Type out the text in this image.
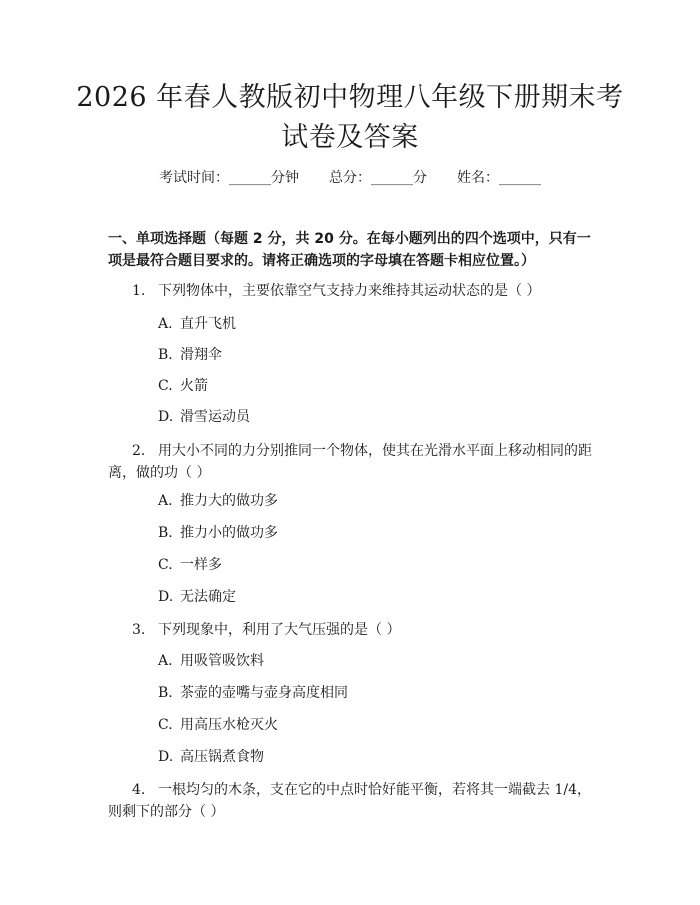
2026 年春人教版初中物理八年级下册期末考
试卷及答案
考试时间：______分钟 总分：______分 姓名：______
一、单项选择题（每题 2 分，共 20 分。在每小题列出的四个选项中，只有一项是最符合题目要求的。请将正确选项的字母填在答题卡相应位置。）
1. 下列物体中，主要依靠空气支持力来维持其运动状态的是（ ）
A. 直升飞机
B. 滑翔伞
C. 火箭
D. 滑雪运动员
2. 用大小不同的力分别推同一个物体，使其在光滑水平面上移动相同的距离，做的功（ ）
A. 推力大的做功多
B. 推力小的做功多
C. 一样多
D. 无法确定
3. 下列现象中，利用了大气压强的是（ ）
A. 用吸管吸饮料
B. 茶壶的壶嘴与壶身高度相同
C. 用高压水枪灭火
D. 高压锅煮食物
4. 一根均匀的木条，支在它的中点时恰好能平衡，若将其一端截去 1/4，则剩下的部分（ ）
